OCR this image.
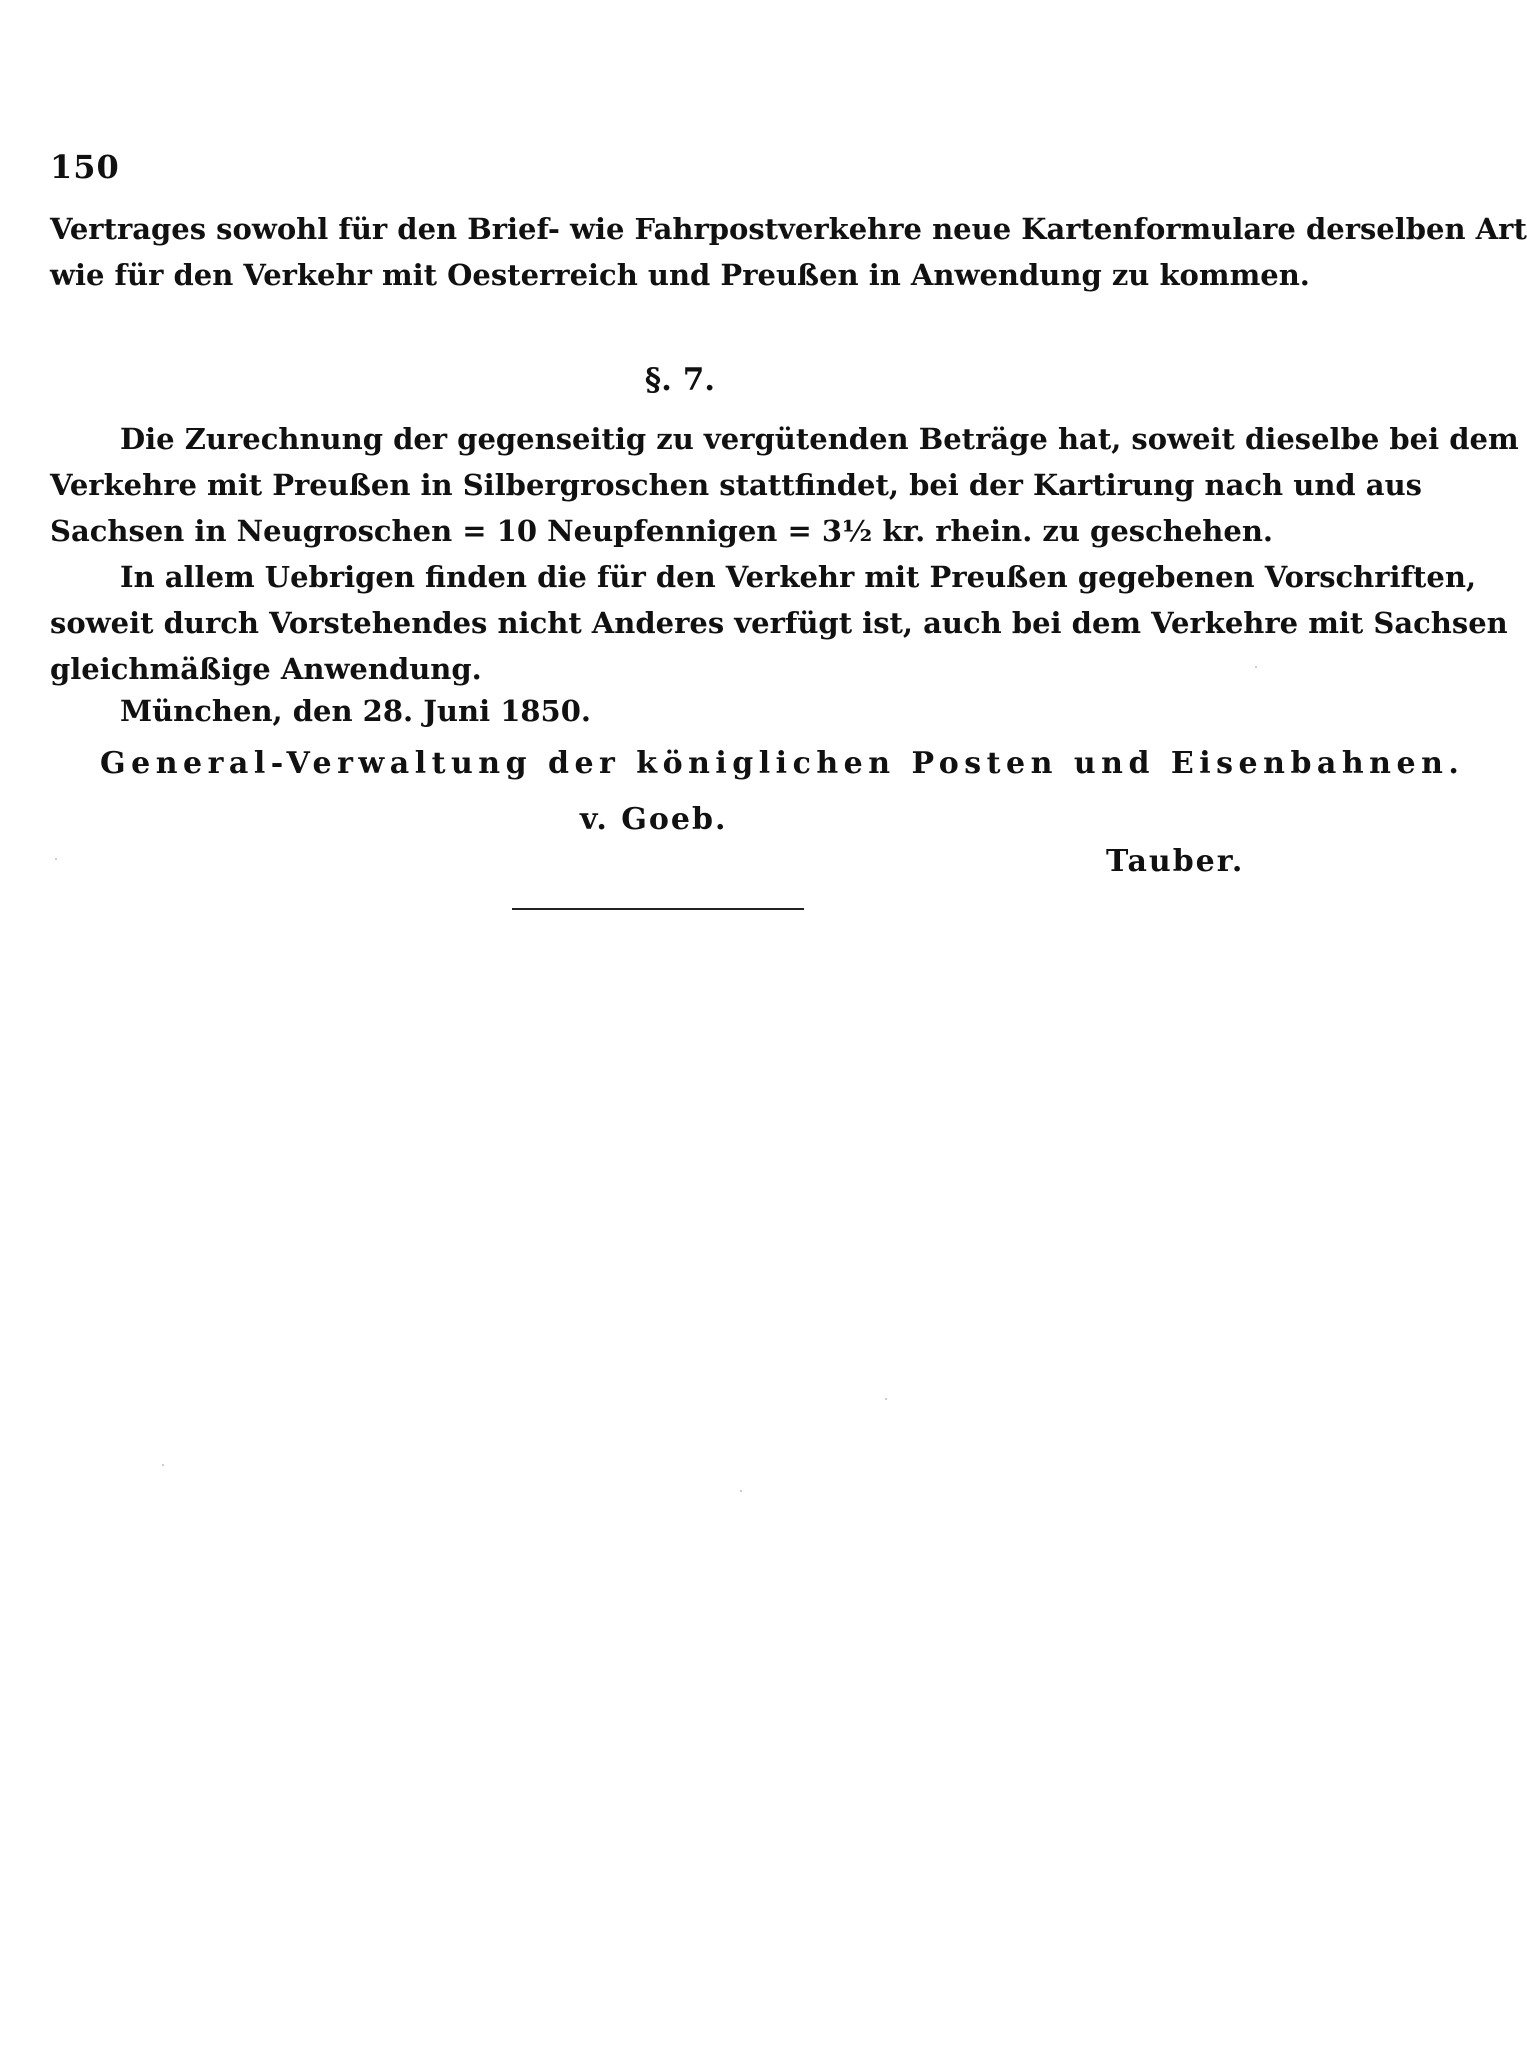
150
Vertrages sowohl für den Brief- wie Fahrpostverkehre neue Kartenformulare derselben Art
wie für den Verkehr mit Oesterreich und Preußen in Anwendung zu kommen.
§. 7.
Die Zurechnung der gegenseitig zu vergütenden Beträge hat, soweit dieselbe bei dem
Verkehre mit Preußen in Silbergroschen stattfindet, bei der Kartirung nach und aus
Sachsen in Neugroschen = 10 Neupfennigen = 3½ kr. rhein. zu geschehen.
In allem Uebrigen finden die für den Verkehr mit Preußen gegebenen Vorschriften,
soweit durch Vorstehendes nicht Anderes verfügt ist, auch bei dem Verkehre mit Sachsen
gleichmäßige Anwendung.
München, den 28. Juni 1850.
General-Verwaltung der königlichen Posten und Eisenbahnen.
v. Goeb.
Tauber.
